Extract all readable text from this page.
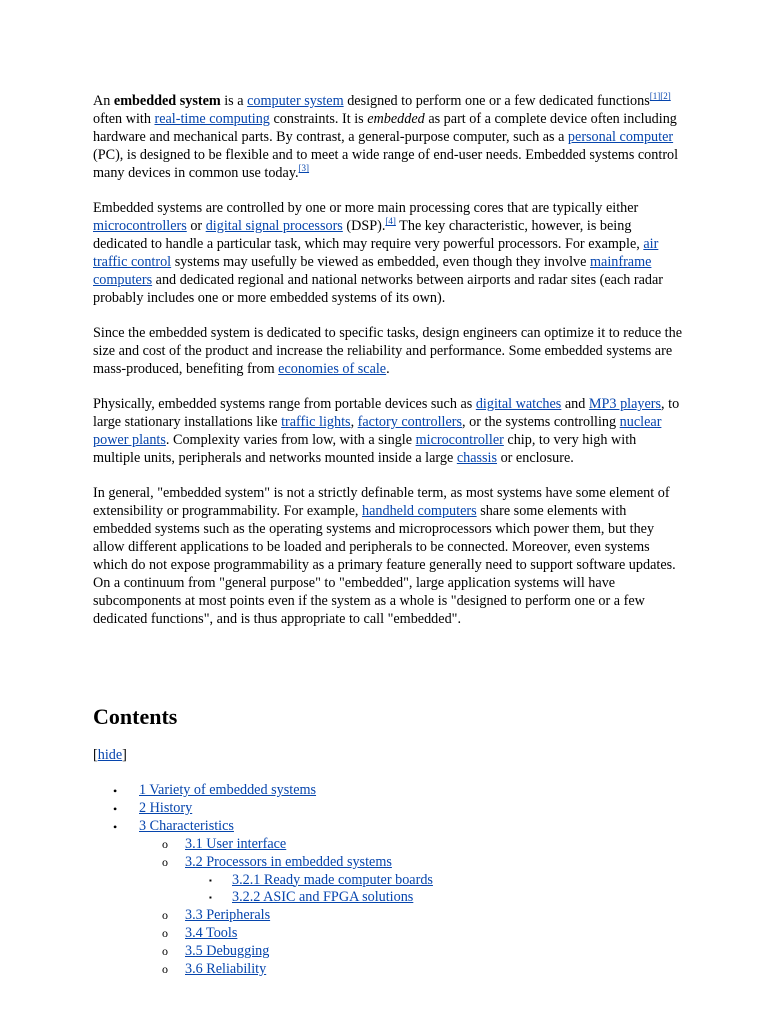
An embedded system is a computer system designed to perform one or a few dedicated functions[1][2] often with real-time computing constraints. It is embedded as part of a complete device often including hardware and mechanical parts. By contrast, a general-purpose computer, such as a personal computer (PC), is designed to be flexible and to meet a wide range of end-user needs. Embedded systems control many devices in common use today.[3]

Embedded systems are controlled by one or more main processing cores that are typically either microcontrollers or digital signal processors (DSP).[4] The key characteristic, however, is being dedicated to handle a particular task, which may require very powerful processors. For example, air traffic control systems may usefully be viewed as embedded, even though they involve mainframe computers and dedicated regional and national networks between airports and radar sites (each radar probably includes one or more embedded systems of its own).

Since the embedded system is dedicated to specific tasks, design engineers can optimize it to reduce the size and cost of the product and increase the reliability and performance. Some embedded systems are mass-produced, benefiting from economies of scale.

Physically, embedded systems range from portable devices such as digital watches and MP3 players, to large stationary installations like traffic lights, factory controllers, or the systems controlling nuclear power plants. Complexity varies from low, with a single microcontroller chip, to very high with multiple units, peripherals and networks mounted inside a large chassis or enclosure.

In general, "embedded system" is not a strictly definable term, as most systems have some element of extensibility or programmability. For example, handheld computers share some elements with embedded systems such as the operating systems and microprocessors which power them, but they allow different applications to be loaded and peripherals to be connected. Moreover, even systems which do not expose programmability as a primary feature generally need to support software updates. On a continuum from "general purpose" to "embedded", large application systems will have subcomponents at most points even if the system as a whole is "designed to perform one or a few dedicated functions", and is thus appropriate to call "embedded".

Contents

[hide]

• 1 Variety of embedded systems
• 2 History
• 3 Characteristics
o 3.1 User interface
o 3.2 Processors in embedded systems
▪ 3.2.1 Ready made computer boards
▪ 3.2.2 ASIC and FPGA solutions
o 3.3 Peripherals
o 3.4 Tools
o 3.5 Debugging
o 3.6 Reliability
